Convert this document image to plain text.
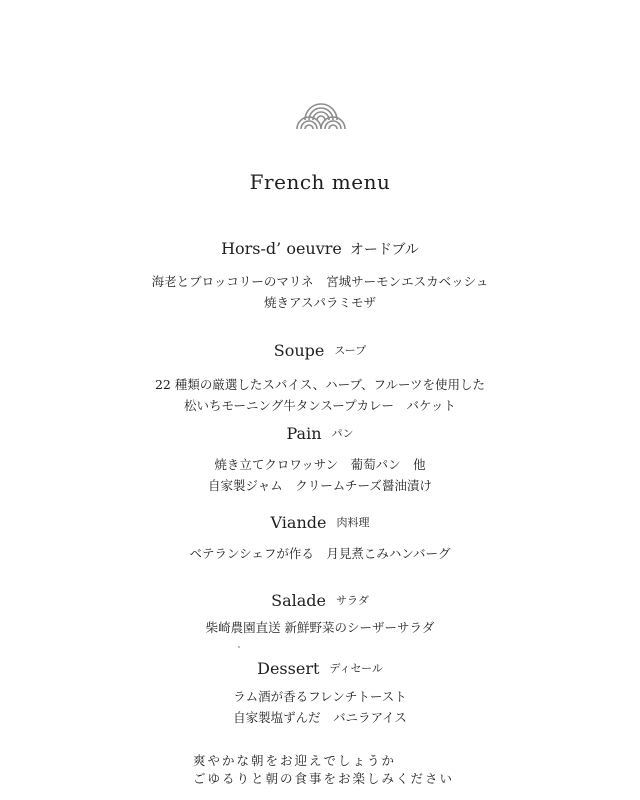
French menu
Hors-d’ oeuvre オードブル
海老とブロッコリーのマリネ　宮城サーモンエスカベッシュ
焼きアスパラミモザ
Soupe スープ
22 種類の厳選したスパイス、ハーブ、フルーツを使用した
松いちモーニング牛タンスープカレー　バケット
Pain パン
焼き立てクロワッサン　葡萄パン　他
自家製ジャム　クリームチーズ醤油漬け
Viande 肉料理
ベテランシェフが作る　月見煮こみハンバーグ
Salade サラダ
柴崎農園直送 新鮮野菜のシーザーサラダ
Dessert ディセール
ラム酒が香るフレンチトースト
自家製塩ずんだ　バニラアイス
爽やかな朝をお迎えでしょうか
ごゆるりと朝の食事をお楽しみください
